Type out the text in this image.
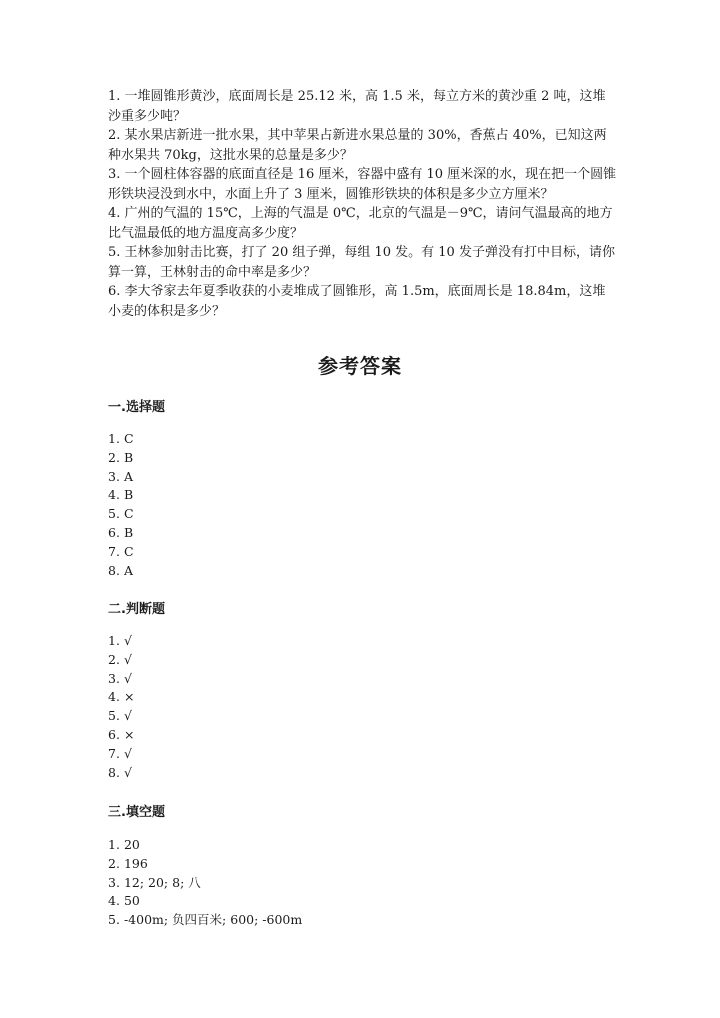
1. 一堆圆锥形黄沙，底面周长是 25.12 米，高 1.5 米，每立方米的黄沙重 2 吨，这堆沙重多少吨？

2. 某水果店新进一批水果，其中苹果占新进水果总量的 30%，香蕉占 40%，已知这两种水果共 70kg，这批水果的总量是多少？

3. 一个圆柱体容器的底面直径是 16 厘米，容器中盛有 10 厘米深的水，现在把一个圆锥形铁块浸没到水中，水面上升了 3 厘米，圆锥形铁块的体积是多少立方厘米？

4. 广州的气温的 15℃，上海的气温是 0℃，北京的气温是－9℃，请问气温最高的地方比气温最低的地方温度高多少度？

5. 王林参加射击比赛，打了 20 组子弹，每组 10 发。有 10 发子弹没有打中目标，请你算一算，王林射击的命中率是多少？

6. 李大爷家去年夏季收获的小麦堆成了圆锥形，高 1.5m，底面周长是 18.84m，这堆小麦的体积是多少？

参考答案
一.选择题
1. C
2. B
3. A
4. B
5. C
6. B
7. C
8. A
二.判断题
1. √
2. √
3. √
4. ×
5. √
6. ×
7. √
8. √
三.填空题
1. 20
2. 196
3. 12; 20; 8; 八
4. 50
5. -400m; 负四百米; 600; -600m
